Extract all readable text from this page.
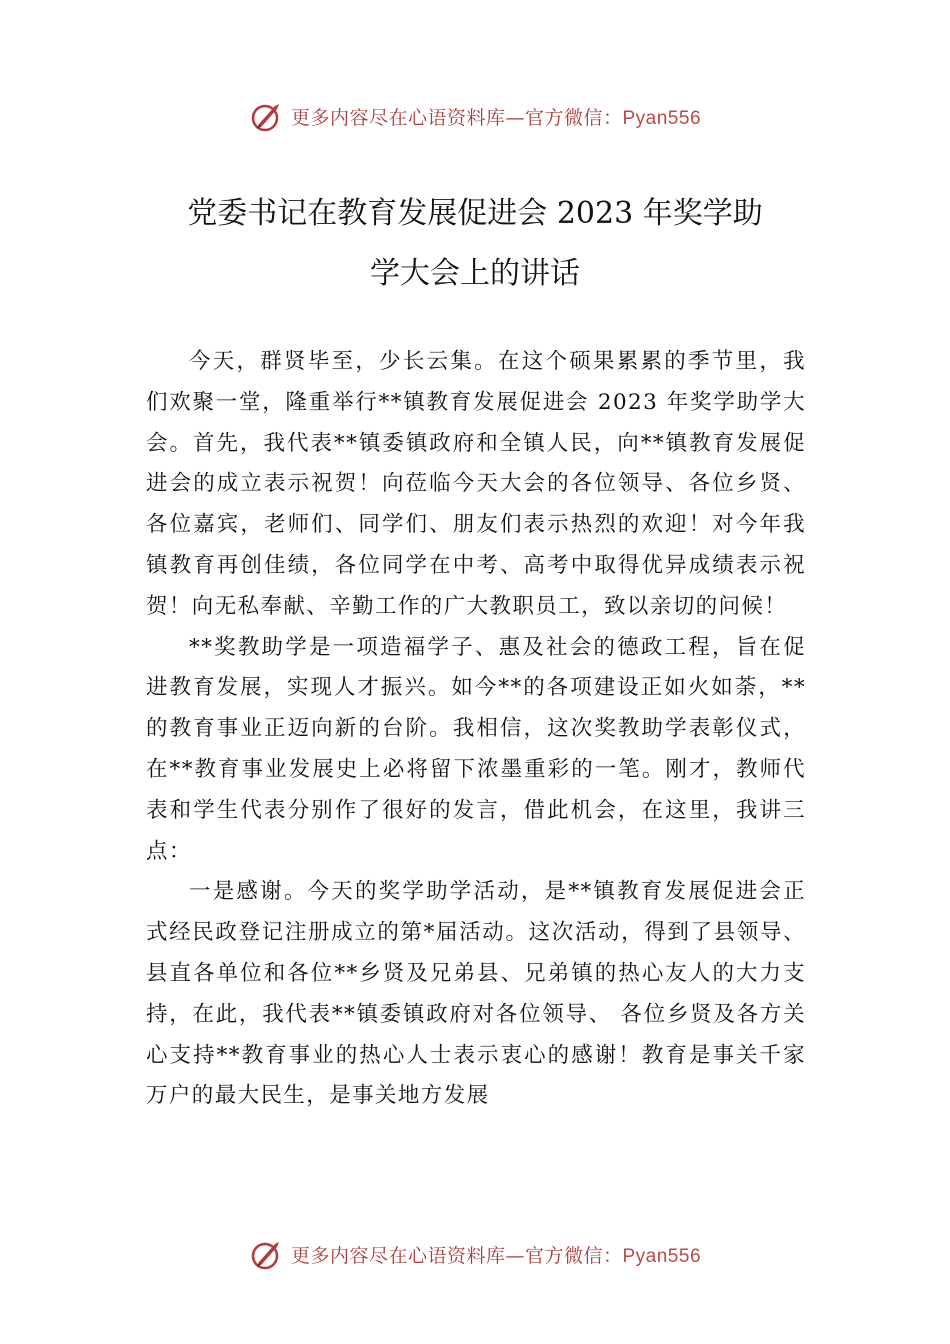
更多内容尽在心语资料库—官方微信：Pyan556
党委书记在教育发展促进会 2023 年奖学助
学大会上的讲话

今天，群贤毕至，少长云集。在这个硕果累累的季节里，我们欢聚一堂，隆重举行**镇教育发展促进会 2023 年奖学助学大会。首先，我代表**镇委镇政府和全镇人民，向**镇教育发展促进会的成立表示祝贺！向莅临今天大会的各位领导、各位乡贤、各位嘉宾，老师们、同学们、朋友们表示热烈的欢迎！对今年我镇教育再创佳绩，各位同学在中考、高考中取得优异成绩表示祝贺！向无私奉献、辛勤工作的广大教职员工，致以亲切的问候！

**奖教助学是一项造福学子、惠及社会的德政工程，旨在促进教育发展，实现人才振兴。如今**的各项建设正如火如荼，**的教育事业正迈向新的台阶。我相信，这次奖教助学表彰仪式，在**教育事业发展史上必将留下浓墨重彩的一笔。刚才，教师代表和学生代表分别作了很好的发言，借此机会，在这里，我讲三点：

一是感谢。今天的奖学助学活动，是**镇教育发展促进会正式经民政登记注册成立的第*届活动。这次活动，得到了县领导、县直各单位和各位**乡贤及兄弟县、兄弟镇的热心友人的大力支持，在此，我代表**镇委镇政府对各位领导、 各位乡贤及各方关心支持**教育事业的热心人士表示衷心的感谢！教育是事关千家万户的最大民生，是事关地方发展

更多内容尽在心语资料库—官方微信：Pyan556
